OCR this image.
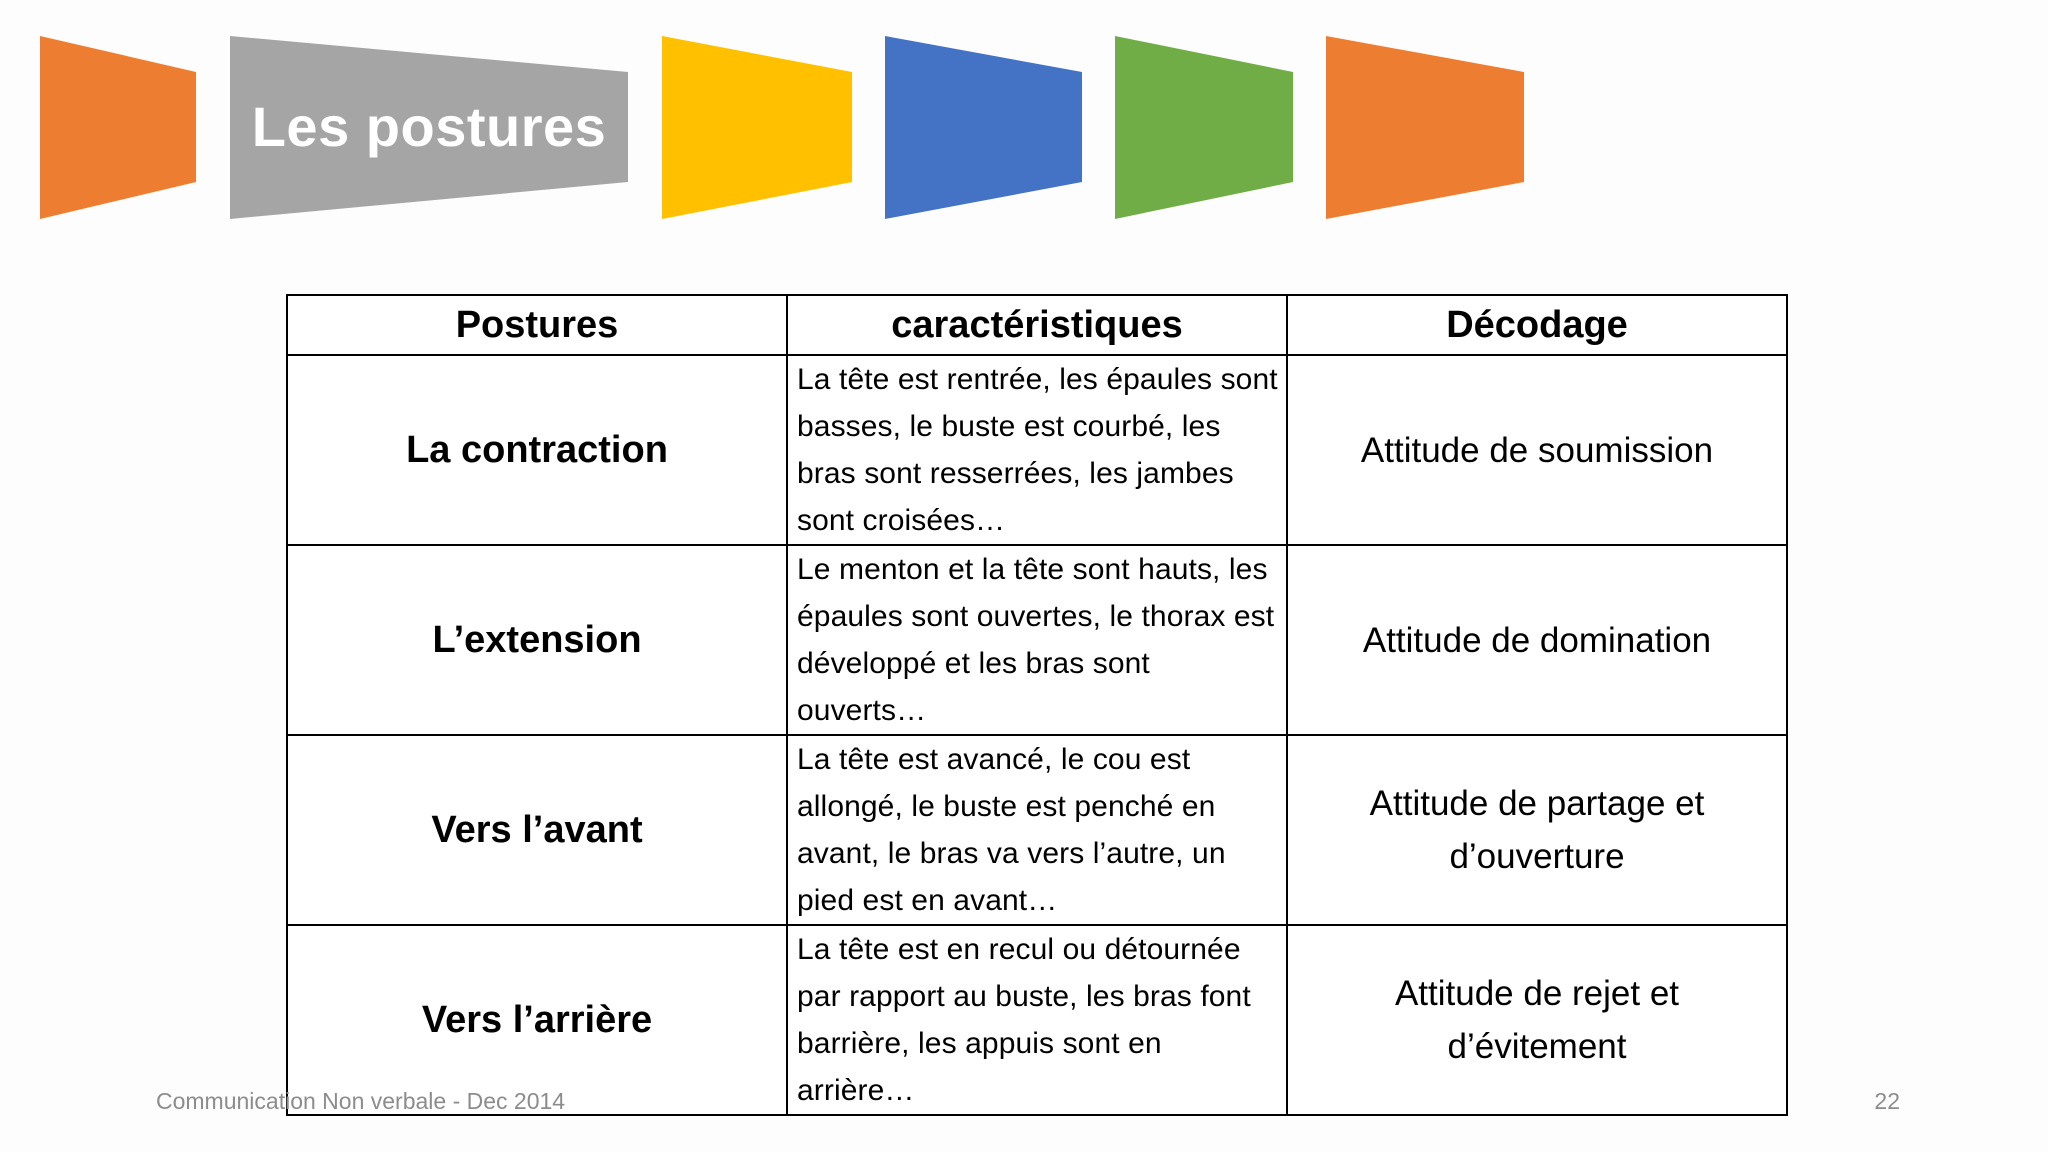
Les postures
Postures	caractéristiques	Décodage
La contraction	La tête est rentrée, les épaules sont basses, le buste est courbé, les bras sont resserrées, les jambes sont croisées…	Attitude de soumission
L’extension	Le menton et la tête sont hauts, les épaules sont ouvertes, le thorax est développé et les bras sont ouverts…	Attitude de domination
Vers l’avant	La tête est avancé, le cou est allongé, le buste est penché en avant, le bras va vers l’autre, un pied est en avant…	Attitude de partage et d’ouverture
Vers l’arrière	La tête est en recul ou détournée par rapport au buste, les bras font barrière, les appuis sont en arrière…	Attitude de rejet et d’évitement
Communication Non verbale - Dec 2014	22
